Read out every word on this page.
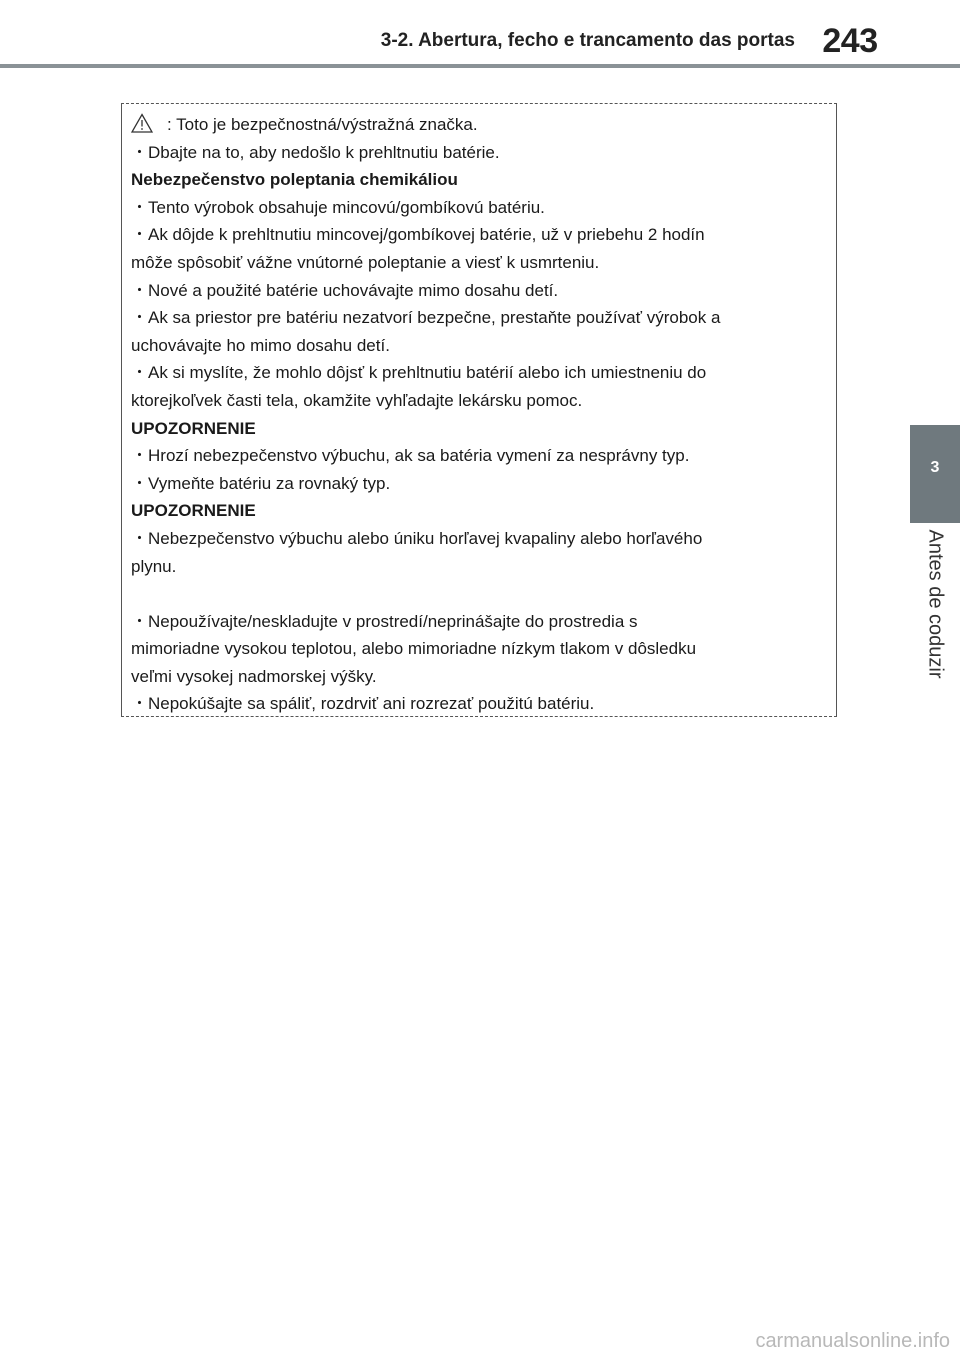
3-2. Abertura, fecho e trancamento das portas 243
3
Antes de coduzir
: Toto je bezpečnostná/výstražná značka.
・Dbajte na to, aby nedošlo k prehltnutiu batérie.
Nebezpečenstvo poleptania chemikáliou
・Tento výrobok obsahuje mincovú/gombíkovú batériu.
・Ak dôjde k prehltnutiu mincovej/gombíkovej batérie, už v priebehu 2 hodín
môže spôsobiť vážne vnútorné poleptanie a viesť k usmrteniu.
・Nové a použité batérie uchovávajte mimo dosahu detí.
・Ak sa priestor pre batériu nezatvorí bezpečne, prestaňte používať výrobok a
uchovávajte ho mimo dosahu detí.
・Ak si myslíte, že mohlo dôjsť k prehltnutiu batérií alebo ich umiestneniu do
ktorejkoľvek časti tela, okamžite vyhľadajte lekársku pomoc.
UPOZORNENIE
・Hrozí nebezpečenstvo výbuchu, ak sa batéria vymení za nesprávny typ.
・Vymeňte batériu za rovnaký typ.
UPOZORNENIE
・Nebezpečenstvo výbuchu alebo úniku horľavej kvapaliny alebo horľavého
plynu.
・Nepoužívajte/neskladujte v prostredí/neprinášajte do prostredia s
mimoriadne vysokou teplotou, alebo mimoriadne nízkym tlakom v dôsledku
veľmi vysokej nadmorskej výšky.
・Nepokúšajte sa spáliť, rozdrviť ani rozrezať použitú batériu.
carmanualsonline.info
